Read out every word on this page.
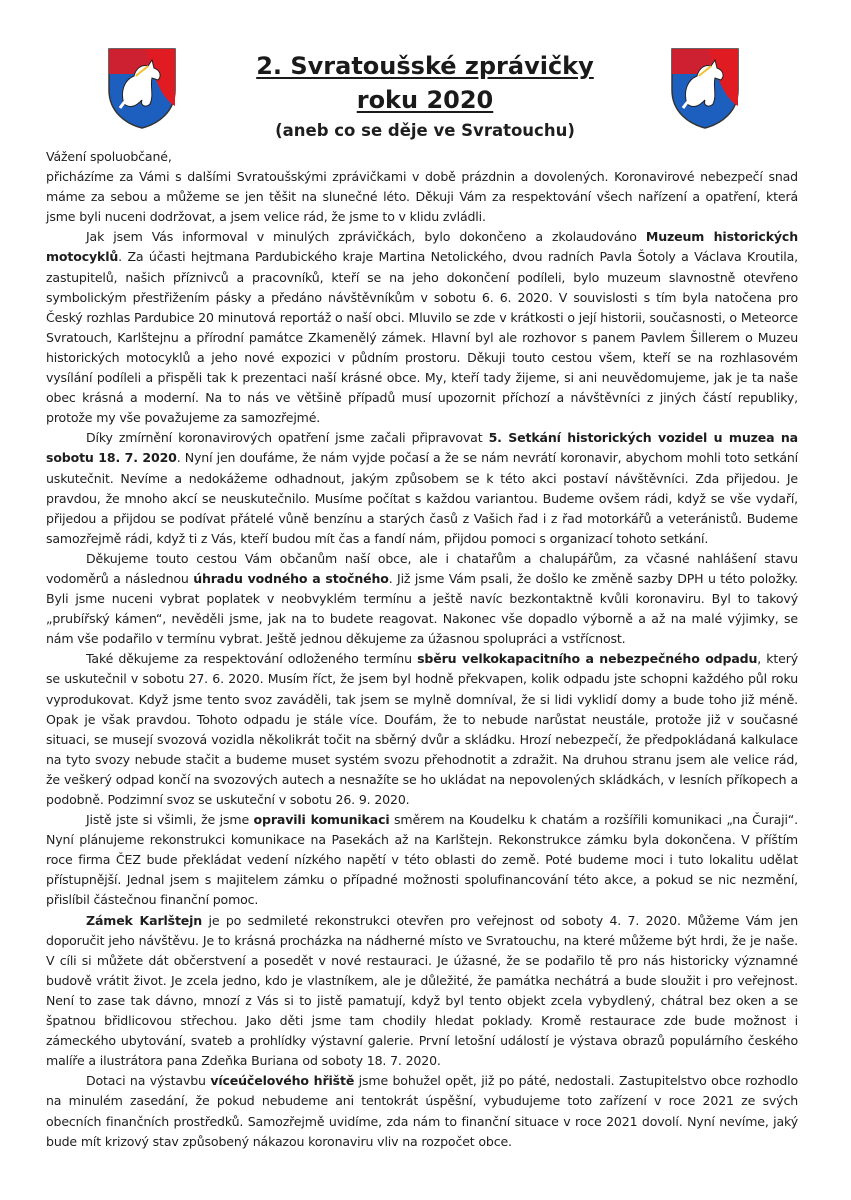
2. Svratoušské zprávičky
roku 2020
(aneb co se děje ve Svratouchu)

Vážení spoluobčané,

přicházíme za Vámi s dalšími Svratoušskými zprávičkami v době prázdnin a dovolených. Koronavirové nebezpečí snad máme za sebou a můžeme se jen těšit na slunečné léto. Děkuji Vám za respektování všech nařízení a opatření, která jsme byli nuceni dodržovat, a jsem velice rád, že jsme to v klidu zvládli.

Jak jsem Vás informoval v minulých zprávičkách, bylo dokončeno a zkolaudováno Muzeum historických motocyklů. Za účasti hejtmana Pardubického kraje Martina Netolického, dvou radních Pavla Šotoly a Václava Kroutila, zastupitelů, našich příznivců a pracovníků, kteří se na jeho dokončení podíleli, bylo muzeum slavnostně otevřeno symbolickým přestřižením pásky a předáno návštěvníkům v sobotu 6. 6. 2020. V souvislosti s tím byla natočena pro Český rozhlas Pardubice 20 minutová reportáž o naší obci. Mluvilo se zde v krátkosti o její historii, současnosti, o Meteorce Svratouch, Karlštejnu a přírodní památce Zkamenělý zámek. Hlavní byl ale rozhovor s panem Pavlem Šillerem o Muzeu historických motocyklů a jeho nové expozici v půdním prostoru. Děkuji touto cestou všem, kteří se na rozhlasovém vysílání podíleli a přispěli tak k prezentaci naší krásné obce. My, kteří tady žijeme, si ani neuvědomujeme, jak je ta naše obec krásná a moderní. Na to nás ve většině případů musí upozornit příchozí a návštěvníci z jiných částí republiky, protože my vše považujeme za samozřejmé.

Díky zmírnění koronavirových opatření jsme začali připravovat 5. Setkání historických vozidel u muzea na sobotu 18. 7. 2020. Nyní jen doufáme, že nám vyjde počasí a že se nám nevrátí koronavir, abychom mohli toto setkání uskutečnit. Nevíme a nedokážeme odhadnout, jakým způsobem se k této akci postaví návštěvníci. Zda přijedou. Je pravdou, že mnoho akcí se neuskutečnilo. Musíme počítat s každou variantou. Budeme ovšem rádi, když se vše vydaří, přijedou a přijdou se podívat přátelé vůně benzínu a starých časů z Vašich řad i z řad motorkářů a veteránistů. Budeme samozřejmě rádi, když ti z Vás, kteří budou mít čas a fandí nám, přijdou pomoci s organizací tohoto setkání.

Děkujeme touto cestou Vám občanům naší obce, ale i chatařům a chalupářům, za včasné nahlášení stavu vodoměrů a následnou úhradu vodného a stočného. Již jsme Vám psali, že došlo ke změně sazby DPH u této položky. Byli jsme nuceni vybrat poplatek v neobvyklém termínu a ještě navíc bezkontaktně kvůli koronaviru. Byl to takový „prubířský kámen“, nevěděli jsme, jak na to budete reagovat. Nakonec vše dopadlo výborně a až na malé výjimky, se nám vše podařilo v termínu vybrat. Ještě jednou děkujeme za úžasnou spolupráci a vstřícnost.

Také děkujeme za respektování odloženého termínu sběru velkokapacitního a nebezpečného odpadu, který se uskutečnil v sobotu 27. 6. 2020. Musím říct, že jsem byl hodně překvapen, kolik odpadu jste schopni každého půl roku vyprodukovat. Když jsme tento svoz zaváděli, tak jsem se mylně domníval, že si lidi vyklidí domy a bude toho již méně. Opak je však pravdou. Tohoto odpadu je stále více. Doufám, že to nebude narůstat neustále, protože již v současné situaci, se musejí svozová vozidla několikrát točit na sběrný dvůr a skládku. Hrozí nebezpečí, že předpokládaná kalkulace na tyto svozy nebude stačit a budeme muset systém svozu přehodnotit a zdražit. Na druhou stranu jsem ale velice rád, že veškerý odpad končí na svozových autech a nesnažíte se ho ukládat na nepovolených skládkách, v lesních příkopech a podobně. Podzimní svoz se uskuteční v sobotu 26. 9. 2020.

Jistě jste si všimli, že jsme opravili komunikaci směrem na Koudelku k chatám a rozšířili komunikaci „na Čuraji“. Nyní plánujeme rekonstrukci komunikace na Pasekách až na Karlštejn. Rekonstrukce zámku byla dokončena. V příštím roce firma ČEZ bude překládat vedení nízkého napětí v této oblasti do země. Poté budeme moci i tuto lokalitu udělat přístupnější. Jednal jsem s majitelem zámku o případné možnosti spolufinancování této akce, a pokud se nic nezmění, přislíbil částečnou finanční pomoc.

Zámek Karlštejn je po sedmileté rekonstrukci otevřen pro veřejnost od soboty 4. 7. 2020. Můžeme Vám jen doporučit jeho návštěvu. Je to krásná procházka na nádherné místo ve Svratouchu, na které můžeme být hrdi, že je naše. V cíli si můžete dát občerstvení a posedět v nové restauraci. Je úžasné, že se podařilo tě pro nás historicky významné budově vrátit život. Je zcela jedno, kdo je vlastníkem, ale je důležité, že památka nechátrá a bude sloužit i pro veřejnost. Není to zase tak dávno, mnozí z Vás si to jistě pamatují, když byl tento objekt zcela vybydlený, chátral bez oken a se špatnou břidlicovou střechou. Jako děti jsme tam chodily hledat poklady. Kromě restaurace zde bude možnost i zámeckého ubytování, svateb a prohlídky výstavní galerie. První letošní událostí je výstava obrazů populárního českého malíře a ilustrátora pana Zdeňka Buriana od soboty 18. 7. 2020.

Dotaci na výstavbu víceúčelového hřiště jsme bohužel opět, již po páté, nedostali. Zastupitelstvo obce rozhodlo na minulém zasedání, že pokud nebudeme ani tentokrát úspěšní, vybudujeme toto zařízení v roce 2021 ze svých obecních finančních prostředků. Samozřejmě uvidíme, zda nám to finanční situace v roce 2021 dovolí. Nyní nevíme, jaký bude mít krizový stav způsobený nákazou koronaviru vliv na rozpočet obce.
